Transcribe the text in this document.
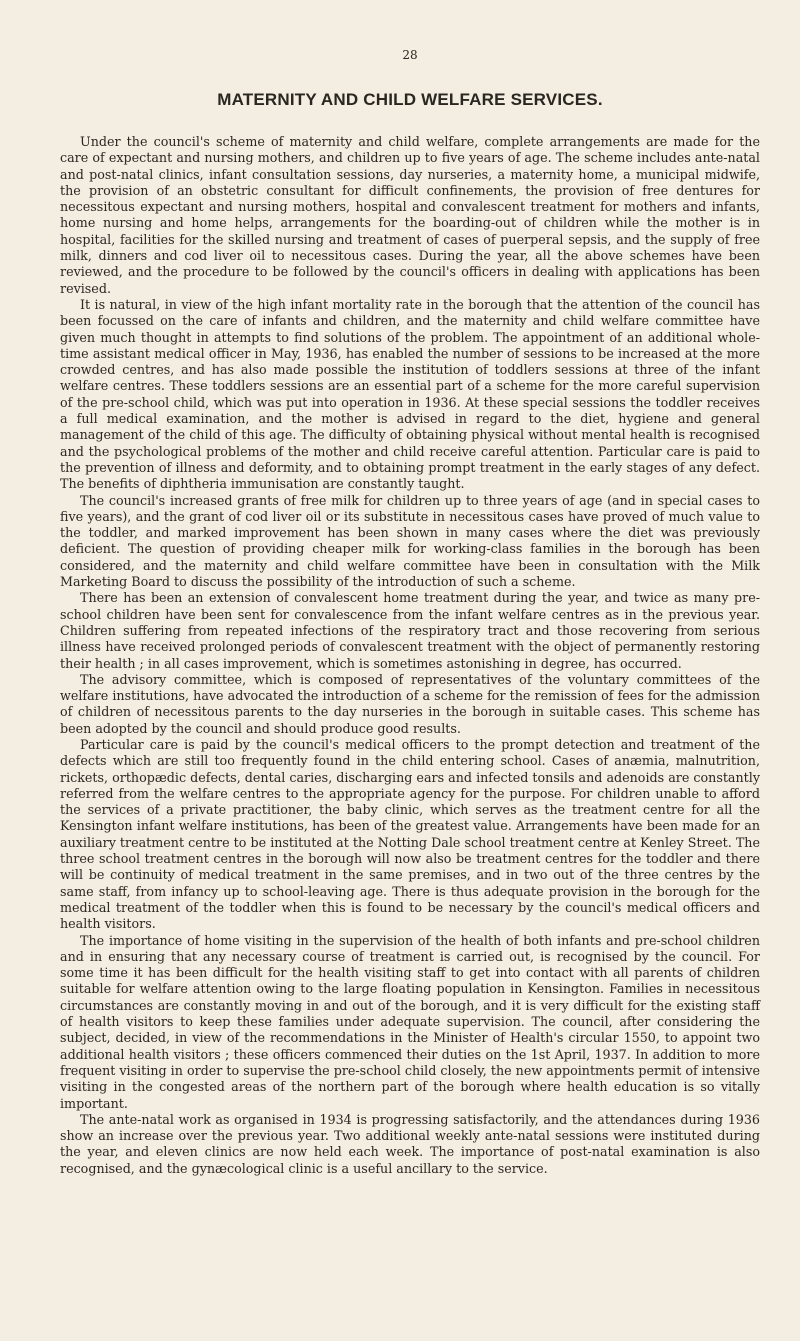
28

MATERNITY AND CHILD WELFARE SERVICES.

Under the council's scheme of maternity and child welfare, complete arrangements are made for the care of expectant and nursing mothers, and children up to five years of age. The scheme includes ante-natal and post-natal clinics, infant consultation sessions, day nurseries, a maternity home, a municipal midwife, the provision of an obstetric consultant for difficult confinements, the provision of free dentures for necessitous expectant and nursing mothers, hospital and convalescent treatment for mothers and infants, home nursing and home helps, arrangements for the boarding-out of children while the mother is in hospital, facilities for the skilled nursing and treatment of cases of puerperal sepsis, and the supply of free milk, dinners and cod liver oil to necessitous cases. During the year, all the above schemes have been reviewed, and the procedure to be followed by the council's officers in dealing with applications has been revised.

It is natural, in view of the high infant mortality rate in the borough that the attention of the council has been focussed on the care of infants and children, and the maternity and child welfare committee have given much thought in attempts to find solutions of the problem. The appointment of an additional whole-time assistant medical officer in May, 1936, has enabled the number of sessions to be increased at the more crowded centres, and has also made possible the institution of toddlers sessions at three of the infant welfare centres. These toddlers sessions are an essential part of a scheme for the more careful supervision of the pre-school child, which was put into operation in 1936. At these special sessions the toddler receives a full medical examination, and the mother is advised in regard to the diet, hygiene and general management of the child of this age. The difficulty of obtaining physical without mental health is recognised and the psychological problems of the mother and child receive careful attention. Particular care is paid to the prevention of illness and deformity, and to obtaining prompt treatment in the early stages of any defect. The benefits of diphtheria immunisation are constantly taught.

The council's increased grants of free milk for children up to three years of age (and in special cases to five years), and the grant of cod liver oil or its substitute in necessitous cases have proved of much value to the toddler, and marked improvement has been shown in many cases where the diet was previously deficient. The question of providing cheaper milk for working-class families in the borough has been considered, and the maternity and child welfare committee have been in consultation with the Milk Marketing Board to discuss the possibility of the introduction of such a scheme.

There has been an extension of convalescent home treatment during the year, and twice as many pre-school children have been sent for convalescence from the infant welfare centres as in the previous year. Children suffering from repeated infections of the respiratory tract and those recovering from serious illness have received prolonged periods of convalescent treatment with the object of permanently restoring their health ; in all cases improvement, which is sometimes astonishing in degree, has occurred.

The advisory committee, which is composed of representatives of the voluntary committees of the welfare institutions, have advocated the introduction of a scheme for the remission of fees for the admission of children of necessitous parents to the day nurseries in the borough in suitable cases. This scheme has been adopted by the council and should produce good results.

Particular care is paid by the council's medical officers to the prompt detection and treatment of the defects which are still too frequently found in the child entering school. Cases of anæmia, malnutrition, rickets, orthopædic defects, dental caries, discharging ears and infected tonsils and adenoids are constantly referred from the welfare centres to the appropriate agency for the purpose. For children unable to afford the services of a private practitioner, the baby clinic, which serves as the treatment centre for all the Kensington infant welfare institutions, has been of the greatest value. Arrangements have been made for an auxiliary treatment centre to be instituted at the Notting Dale school treatment centre at Kenley Street. The three school treatment centres in the borough will now also be treatment centres for the toddler and there will be continuity of medical treatment in the same premises, and in two out of the three centres by the same staff, from infancy up to school-leaving age. There is thus adequate provision in the borough for the medical treatment of the toddler when this is found to be necessary by the council's medical officers and health visitors.

The importance of home visiting in the supervision of the health of both infants and pre-school children and in ensuring that any necessary course of treatment is carried out, is recognised by the council. For some time it has been difficult for the health visiting staff to get into contact with all parents of children suitable for welfare attention owing to the large floating population in Kensington. Families in necessitous circumstances are constantly moving in and out of the borough, and it is very difficult for the existing staff of health visitors to keep these families under adequate supervision. The council, after considering the subject, decided, in view of the recommendations in the Minister of Health's circular 1550, to appoint two additional health visitors ; these officers commenced their duties on the 1st April, 1937. In addition to more frequent visiting in order to supervise the pre-school child closely, the new appointments permit of intensive visiting in the congested areas of the northern part of the borough where health education is so vitally important.

The ante-natal work as organised in 1934 is progressing satisfactorily, and the attendances during 1936 show an increase over the previous year. Two additional weekly ante-natal sessions were instituted during the year, and eleven clinics are now held each week. The importance of post-natal examination is also recognised, and the gynæcological clinic is a useful ancillary to the service.
